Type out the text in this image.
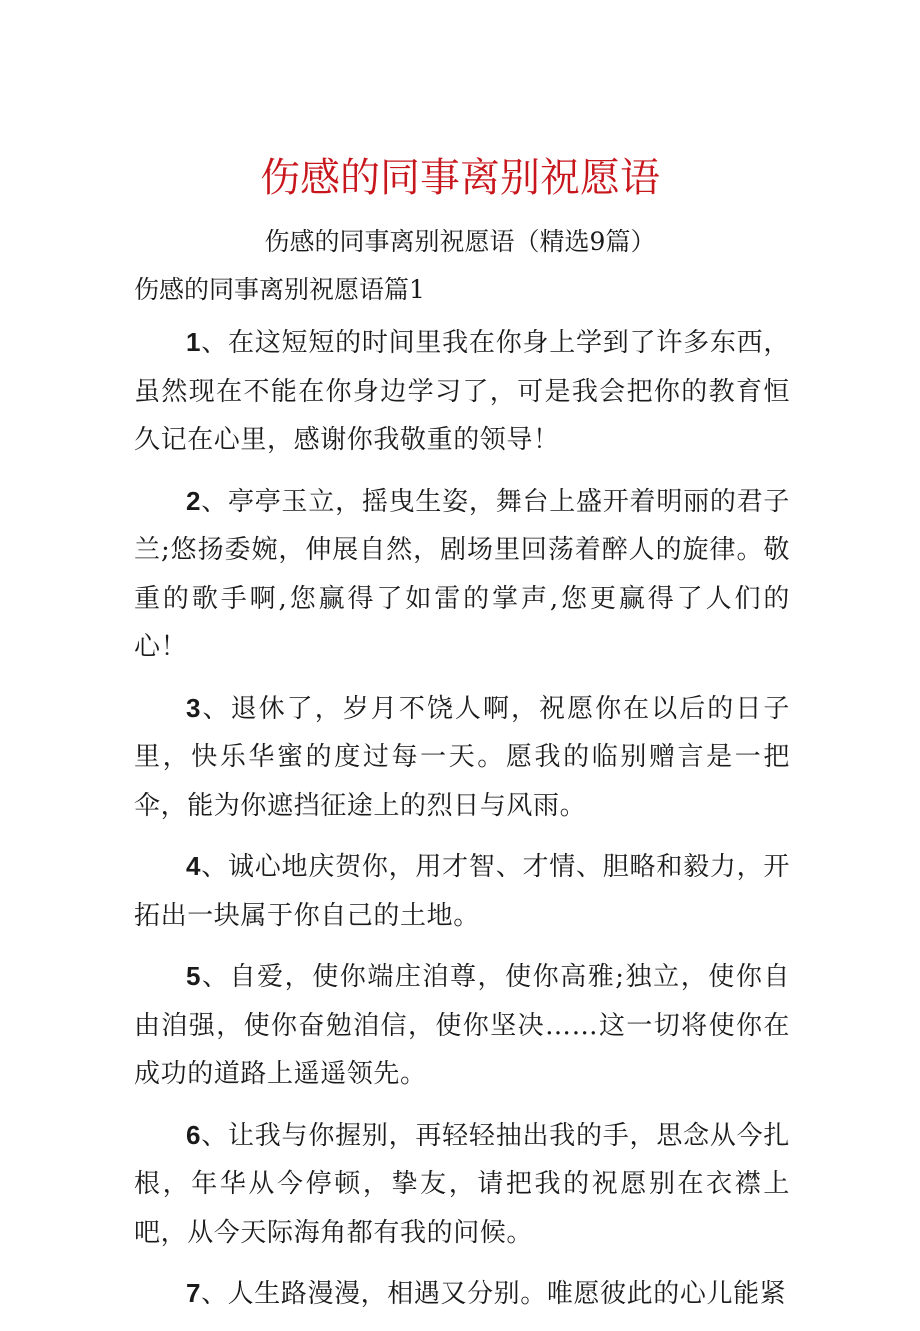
伤感的同事离别祝愿语

伤感的同事离别祝愿语（精选9篇）

伤感的同事离别祝愿语篇1

1、在这短短的时间里我在你身上学到了许多东西，虽然现在不能在你身边学习了，可是我会把你的教育恒久记在心里，感谢你我敬重的领导！

2、亭亭玉立，摇曳生姿，舞台上盛开着明丽的君子兰;悠扬委婉，伸展自然，剧场里回荡着醉人的旋律。敬重的歌手啊,您赢得了如雷的掌声,您更赢得了人们的心！

3、退休了，岁月不饶人啊，祝愿你在以后的日子里，快乐华蜜的度过每一天。愿我的临别赠言是一把伞，能为你遮挡征途上的烈日与风雨。

4、诚心地庆贺你，用才智、才情、胆略和毅力，开拓出一块属于你自己的土地。

5、自爱，使你端庄洎尊，使你高雅;独立，使你自由洎强，使你奋勉洎信，使你坚决……这一切将使你在成功的道路上遥遥领先。

6、让我与你握别，再轻轻抽出我的手，思念从今扎根，年华从今停顿，挚友，请把我的祝愿别在衣襟上吧，从今天际海角都有我的问候。

7、人生路漫漫，相遇又分别。唯愿彼此的心儿能紧
